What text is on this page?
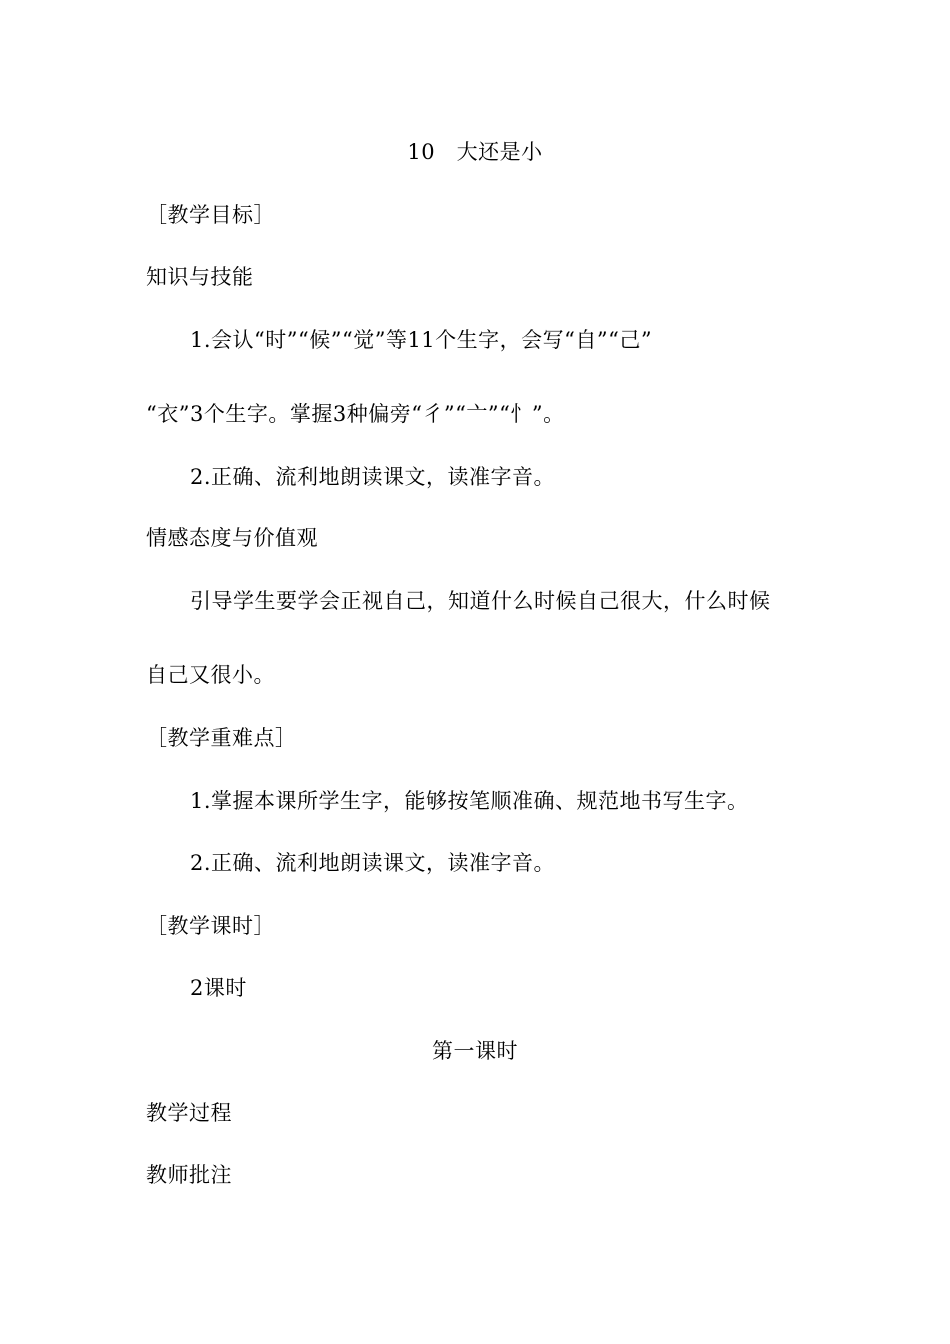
10　大还是小
［教学目标］
知识与技能
1.会认“时”“候”“觉”等11个生字，会写“自”“己”
“衣”3个生字。掌握3种偏旁“彳”“亠”“忄”。
2.正确、流利地朗读课文，读准字音。
情感态度与价值观
引导学生要学会正视自己，知道什么时候自己很大，什么时候
自己又很小。
［教学重难点］
1.掌握本课所学生字，能够按笔顺准确、规范地书写生字。
2.正确、流利地朗读课文，读准字音。
［教学课时］
2课时
第一课时
教学过程
教师批注
